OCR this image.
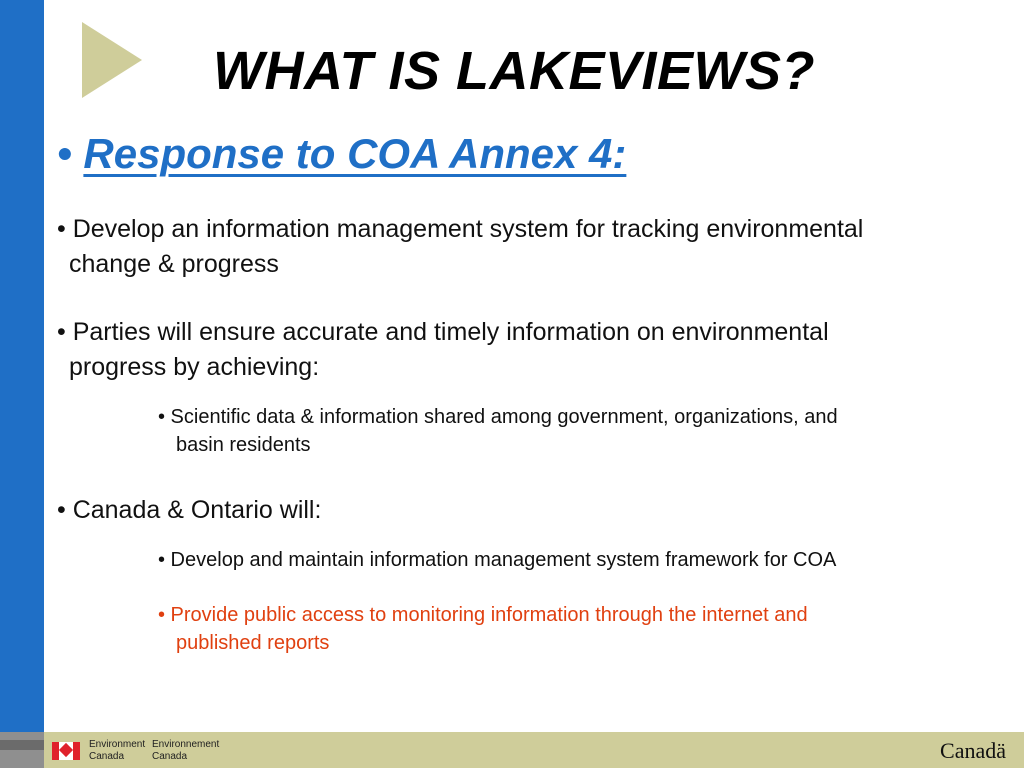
WHAT IS LAKEVIEWS?
• Response to COA Annex 4:
• Develop an information management system for tracking environmental
change & progress
• Parties will ensure accurate and timely information on environmental
progress by achieving:
• Scientific data & information shared among government, organizations, and
basin residents
• Canada & Ontario will:
• Develop and maintain information management system framework for COA
• Provide public access to monitoring information through the internet and
published reports
Environment
Canada
Environnement
Canada	Canadä
